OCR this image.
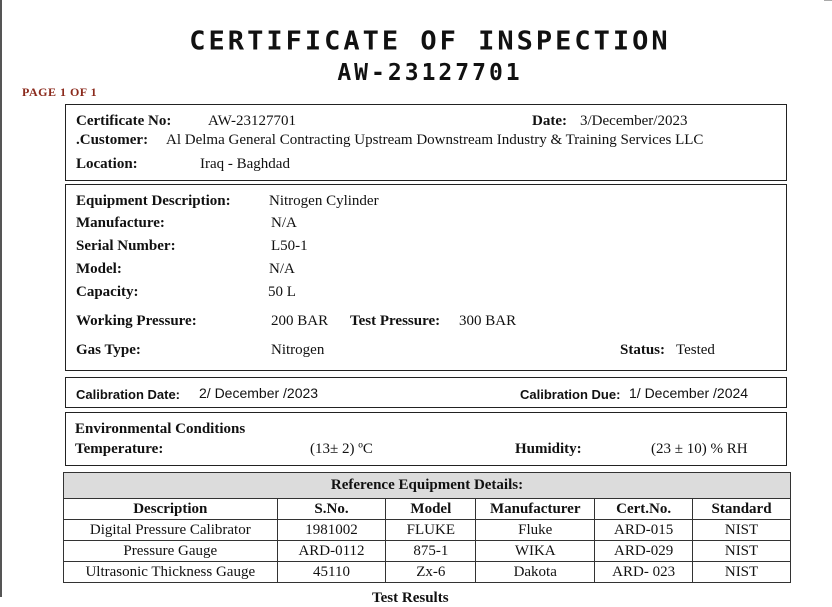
CERTIFICATE OF INSPECTION
AW-23127701
PAGE 1 OF 1
Certificate No: AW-23127701	Date: 3/December/2023
.Customer: Al Delma General Contracting Upstream Downstream Industry & Training Services LLC
Location:	Iraq - Baghdad
Equipment Description:	Nitrogen Cylinder
Manufacture:	N/A
Serial Number:	L50-1
Model:	N/A
Capacity:	50 L
Working Pressure:	200 BAR Test Pressure: 300 BAR
Gas Type:	Nitrogen	Status: Tested
Calibration Date: 2/ December /2023	Calibration Due: 1/ December /2024
Environmental Conditions
Temperature:	(13± 2) ºC	Humidity:	(23 ± 10) % RH
Reference Equipment Details:					
Description	S.No.	Model	Manufacturer	Cert.No.	Standard
Digital Pressure Calibrator	1981002	FLUKE	Fluke	ARD-015	NIST
Pressure Gauge	ARD-0112	875-1	WIKA	ARD-029	NIST
Ultrasonic Thickness Gauge	45110	Zx-6	Dakota	ARD- 023	NIST
Test Results
